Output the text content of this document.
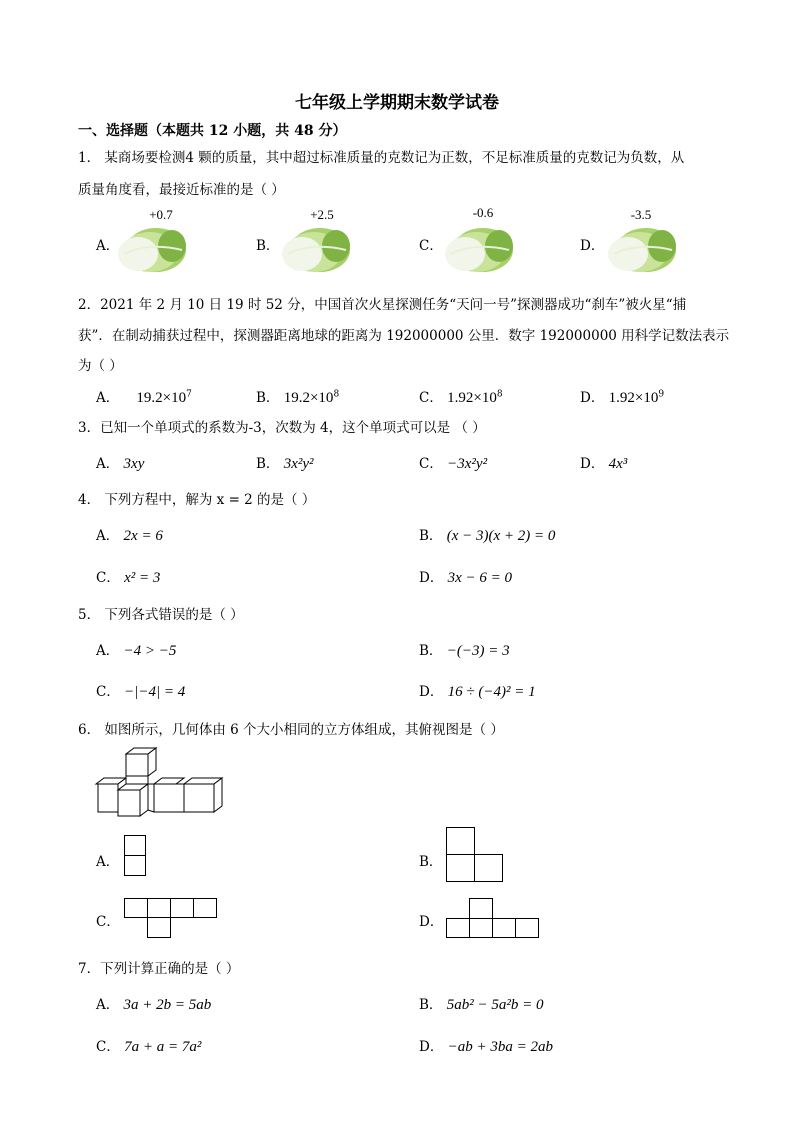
七年级上学期期末数学试卷
一、选择题（本题共 12 小题，共 48 分）
1． 某商场要检测4 颗的质量，其中超过标准质量的克数记为正数，不足标准质量的克数记为负数，从
质量角度看，最接近标准的是（ ）
A．
+0.7
B．
+2.5
C．
-0.6
D．
-3.5
2．2021 年 2 月 10 日 19 时 52 分，中国首次火星探测任务“天问一号”探测器成功“刹车”被火星“捕
获”．在制动捕获过程中，探测器距离地球的距离为 192000000 公里．数字 192000000 用科学记数法表示
为（ ）
A． $19.2\times 10^7$	B． $19.2\times 10^8$	C． $1.92\times 10^8$	D． $1.92\times 10^9$
3．已知一个单项式的系数为-3，次数为 4，这个单项式可以是 （ ）
A． 3xy	B． 3x²y²	C． −3x²y²	D． 4x³
4． 下列方程中，解为 x = 2 的是（ ）
A． 2x = 6	B． (x − 3)(x + 2) = 0
C． x² = 3	D． 3x − 6 = 0
5． 下列各式错误的是（ ）
A． −4 > −5	B． −(−3) = 3
C． −|−4| = 4	D． 16 ÷ (−4)² = 1
6． 如图所示，几何体由 6 个大小相同的立方体组成，其俯视图是（ ）
A．	B．
C．	D．
7．下列计算正确的是（ ）
A． 3a + 2b = 5ab	B． 5ab² − 5a²b = 0
C． 7a + a = 7a²	D． −ab + 3ba = 2ab
